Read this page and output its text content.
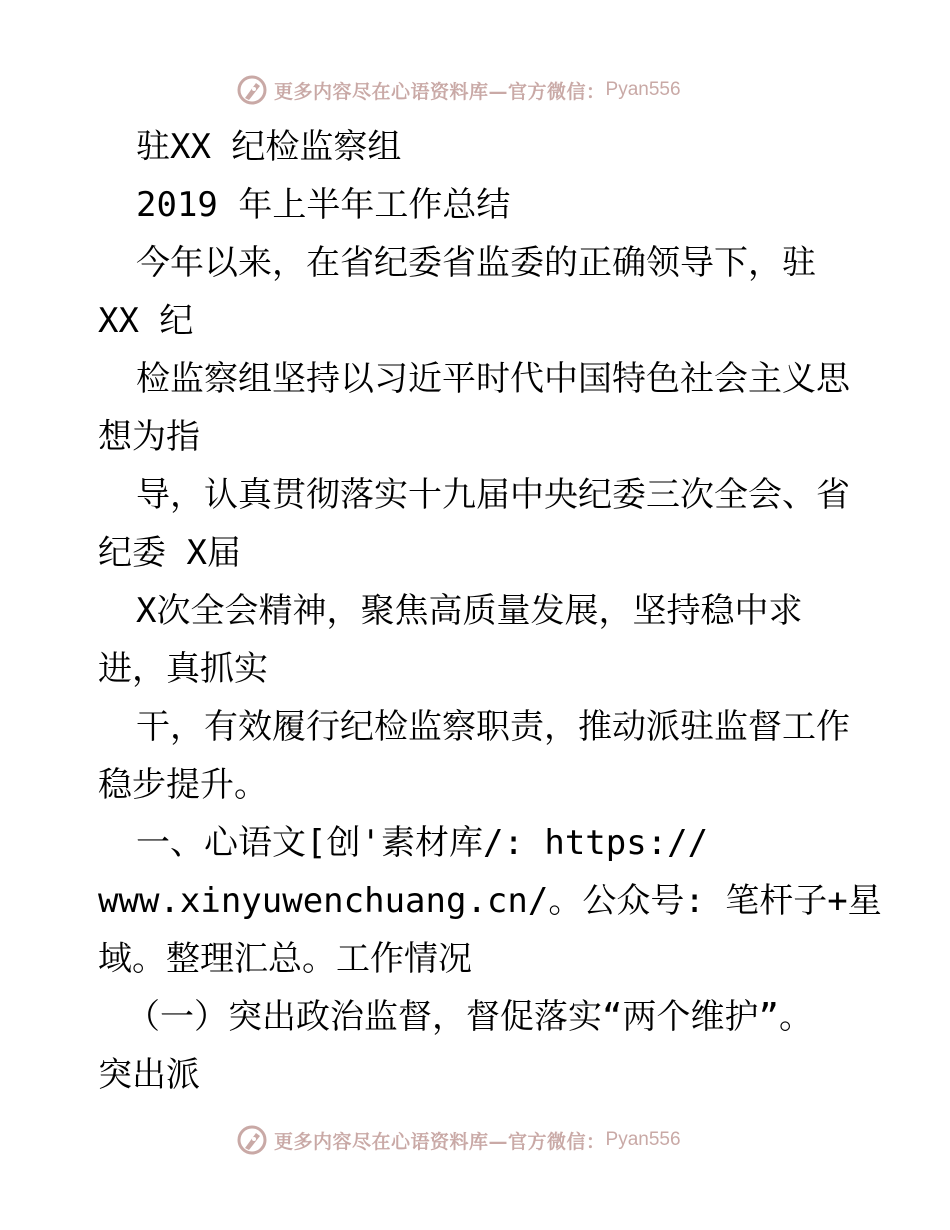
更多内容尽在心语资料库—官方微信： Pyan556
驻XX 纪检监察组
2019 年上半年工作总结
今年以来，在省纪委省监委的正确领导下，驻
XX 纪
检监察组坚持以习近平时代中国特色社会主义思
想为指
导，认真贯彻落实十九届中央纪委三次全会、省
纪委 X届
X次全会精神，聚焦高质量发展，坚持稳中求
进，真抓实
干，有效履行纪检监察职责，推动派驻监督工作
稳步提升。
一、心语文[创'素材库/: https://
www.xinyuwenchuang.cn/。公众号: 笔杆子+星
域。整理汇总。工作情况
（一）突出政治监督，督促落实“两个维护”。
突出派
更多内容尽在心语资料库—官方微信： Pyan556
